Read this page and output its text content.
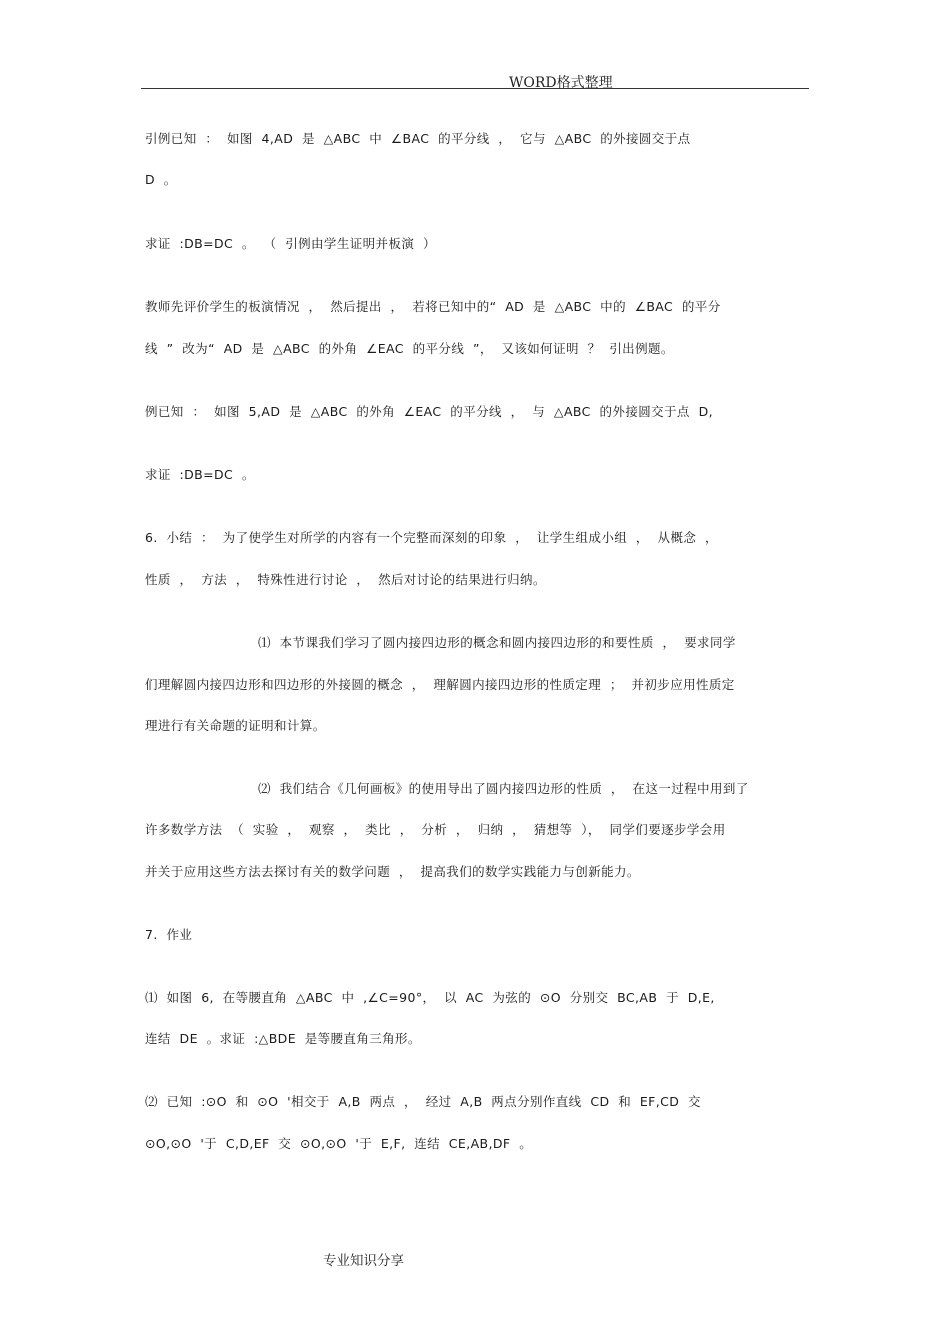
WORD格式整理
引例已知  ：  如图  4,AD  是  △ABC  中  ∠BAC  的平分线  ，  它与  △ABC  的外接圆交于点
D  。
求证  :DB=DC  。  （  引例由学生证明并板演  ）
教师先评价学生的板演情况  ，  然后提出  ，  若将已知中的“  AD  是  △ABC  中的  ∠BAC  的平分
线  ”  改为“  AD  是  △ABC  的外角  ∠EAC  的平分线  ”，  又该如何证明  ？  引出例题。
例已知  ：  如图  5,AD  是  △ABC  的外角  ∠EAC  的平分线  ，  与  △ABC  的外接圆交于点  D,
求证  :DB=DC  。
6.  小结  ：  为了使学生对所学的内容有一个完整而深刻的印象  ，  让学生组成小组  ，  从概念  ，
性质  ，  方法  ，  特殊性进行讨论  ，  然后对讨论的结果进行归纳。
⑴  本节课我们学习了圆内接四边形的概念和圆内接四边形的和要性质  ，  要求同学
们理解圆内接四边形和四边形的外接圆的概念  ，  理解圆内接四边形的性质定理  ；  并初步应用性质定
理进行有关命题的证明和计算。
⑵  我们结合《几何画板》的使用导出了圆内接四边形的性质  ，  在这一过程中用到了
许多数学方法  （  实验  ，  观察  ，  类比  ，  分析  ，  归纳  ，  猜想等  ），  同学们要逐步学会用
并关于应用这些方法去探讨有关的数学问题  ，  提高我们的数学实践能力与创新能力。
7.  作业
⑴  如图  6,  在等腰直角  △ABC  中  ,∠C=90°，  以  AC  为弦的  ⊙O  分别交  BC,AB  于  D,E,
连结  DE  。求证  :△BDE  是等腰直角三角形。
⑵  已知  :⊙O  和  ⊙O  '相交于  A,B  两点  ，  经过  A,B  两点分别作直线  CD  和  EF,CD  交
⊙O,⊙O  '于  C,D,EF  交  ⊙O,⊙O  '于  E,F,  连结  CE,AB,DF  。
专业知识分享
